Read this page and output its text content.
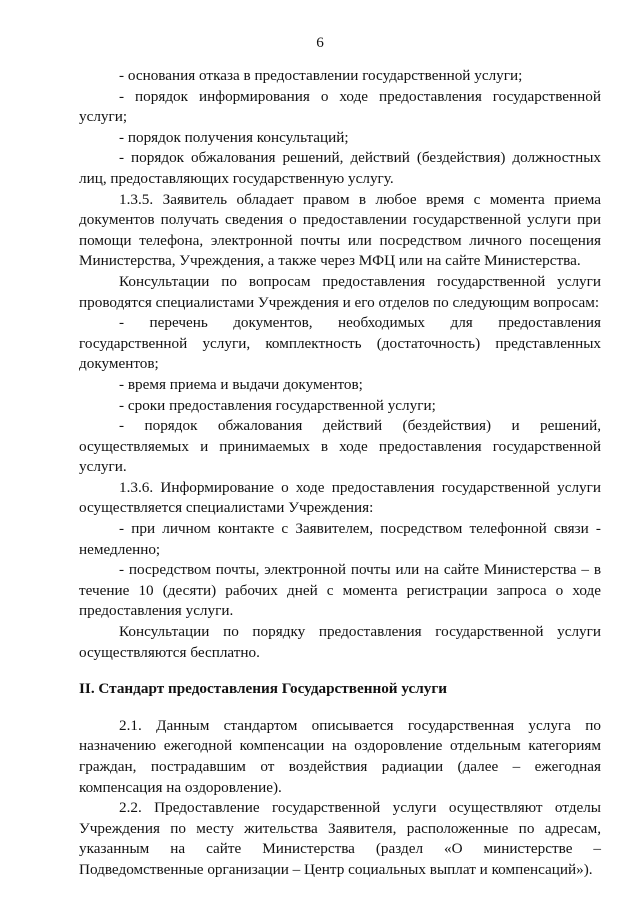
6

- основания отказа в предоставлении государственной услуги;

- порядок информирования о ходе предоставления государственной услуги;

- порядок получения консультаций;

- порядок обжалования решений, действий (бездействия) должностных лиц, предоставляющих государственную услугу.

1.3.5. Заявитель обладает правом в любое время с момента приема документов получать сведения о предоставлении государственной услуги при помощи телефона, электронной почты или посредством личного посещения Министерства, Учреждения, а также через МФЦ или на сайте Министерства.

Консультации по вопросам предоставления государственной услуги проводятся специалистами Учреждения и его отделов по следующим вопросам:

- перечень документов, необходимых для предоставления государственной услуги, комплектность (достаточность) представленных документов;

- время приема и выдачи документов;

- сроки предоставления государственной услуги;

- порядок обжалования действий (бездействия) и решений, осуществляемых и принимаемых в ходе предоставления государственной услуги.

1.3.6. Информирование о ходе предоставления государственной услуги осуществляется специалистами Учреждения:

- при личном контакте с Заявителем, посредством телефонной связи - немедленно;

- посредством почты, электронной почты или на сайте Министерства – в течение 10 (десяти) рабочих дней с момента регистрации запроса о ходе предоставления услуги.

Консультации по порядку предоставления государственной услуги осуществляются бесплатно.

II. Стандарт предоставления Государственной услуги

2.1. Данным стандартом описывается государственная услуга по назначению ежегодной компенсации на оздоровление отдельным категориям граждан, пострадавшим от воздействия радиации (далее – ежегодная компенсация на оздоровление).

2.2. Предоставление государственной услуги осуществляют отделы Учреждения по месту жительства Заявителя, расположенные по адресам, указанным на сайте Министерства (раздел «О министерстве – Подведомственные организации – Центр социальных выплат и компенсаций»).
